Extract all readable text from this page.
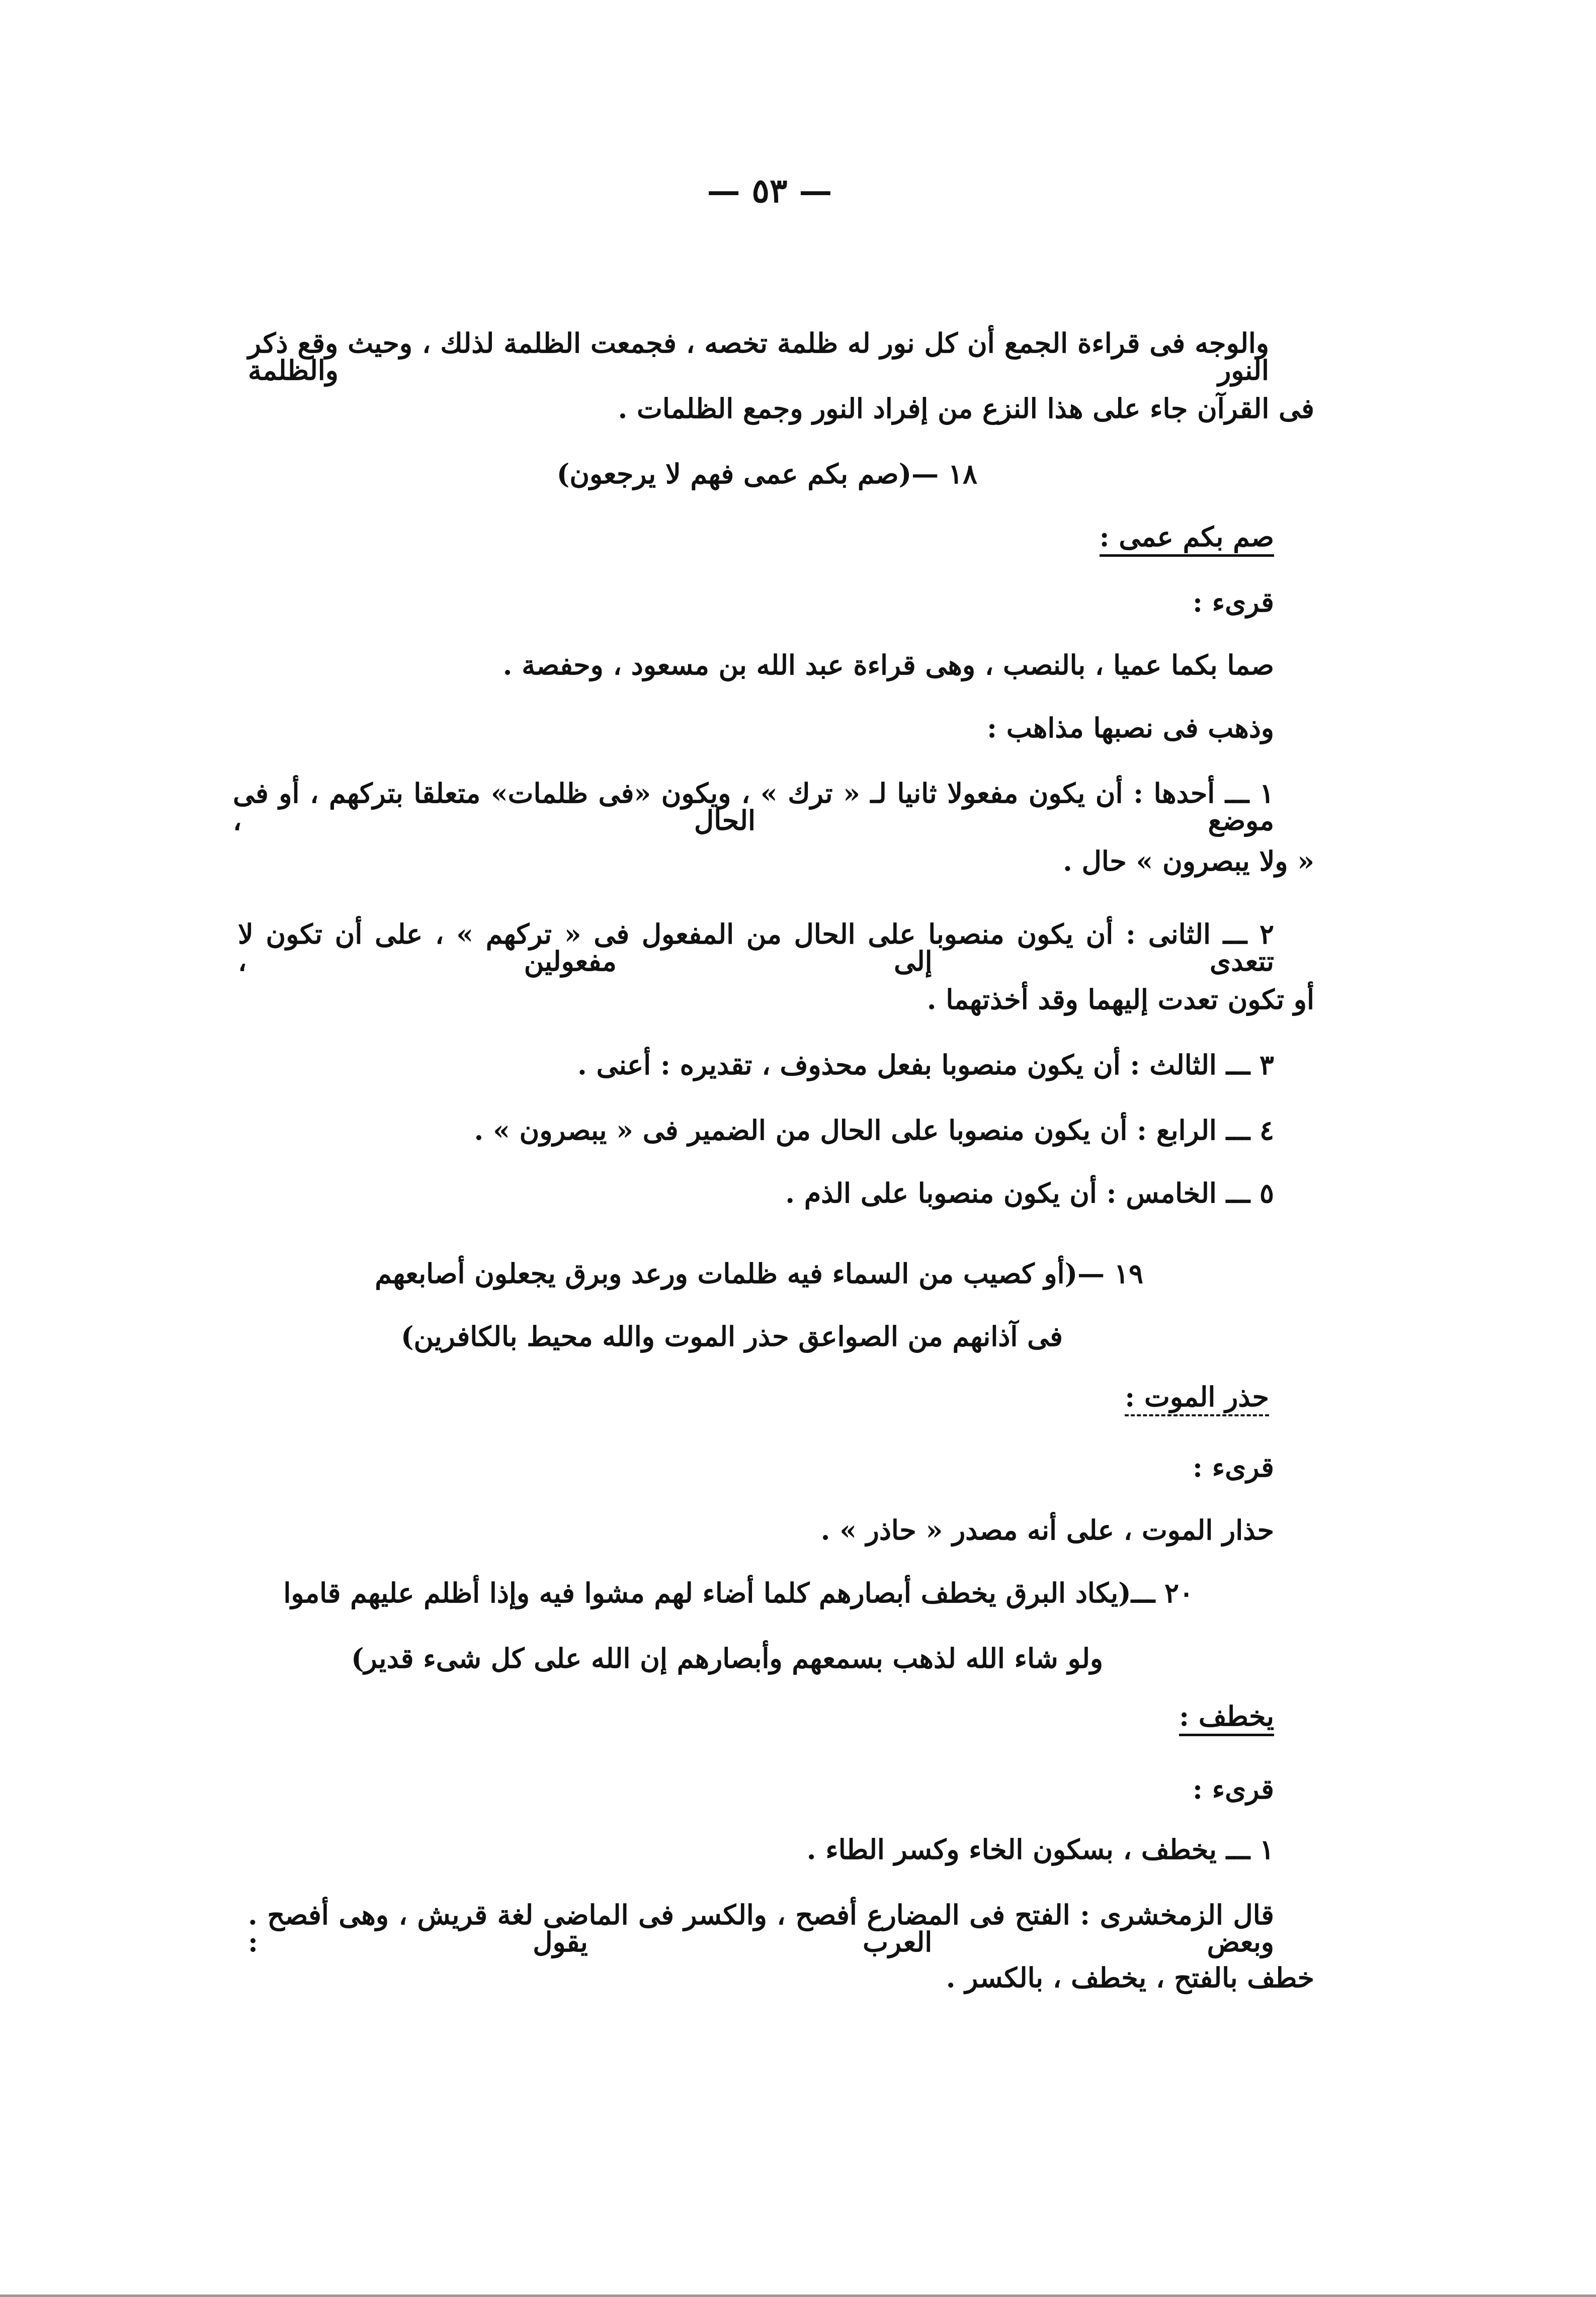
— ٥٣ —
والوجه فى قراءة الجمع أن كل نور له ظلمة تخصه ، فجمعت الظلمة لذلك ، وحيث وقع ذكر النور والظلمة
فى القرآن جاء على هذا النزع من إفراد النور وجمع الظلمات .
١٨ —(صم بكم عمى فهم لا يرجعون)
صم بكم عمى :
قرىء :
صما بكما عميا ، بالنصب ، وهى قراءة عبد الله بن مسعود ، وحفصة .
وذهب فى نصبها مذاهب :
١ ـــ أحدها : أن يكون مفعولا ثانيا لـ « ترك » ، ويكون «فى ظلمات» متعلقا بتركهم ، أو فى موضع الحال ،
« ولا يبصرون » حال .
٢ ـــ الثانى : أن يكون منصوبا على الحال من المفعول فى « تركهم » ، على أن تكون لا تتعدى إلى مفعولين ،
أو تكون تعدت إليهما وقد أخذتهما .
٣ ـــ الثالث : أن يكون منصوبا بفعل محذوف ، تقديره : أعنى .
٤ ـــ الرابع : أن يكون منصوبا على الحال من الضمير فى « يبصرون » .
٥ ـــ الخامس : أن يكون منصوبا على الذم .
١٩ —(أو كصيب من السماء فيه ظلمات ورعد وبرق يجعلون أصابعهم
فى آذانهم من الصواعق حذر الموت والله محيط بالكافرين)
حذر الموت :
قرىء :
حذار الموت ، على أنه مصدر « حاذر » .
٢٠ ـــ(يكاد البرق يخطف أبصارهم كلما أضاء لهم مشوا فيه وإذا أظلم عليهم قاموا
ولو شاء الله لذهب بسمعهم وأبصارهم إن الله على كل شىء قدير)
يخطف :
قرىء :
١ ـــ يخطف ، بسكون الخاء وكسر الطاء .
قال الزمخشرى : الفتح فى المضارع أفصح ، والكسر فى الماضى لغة قريش ، وهى أفصح . وبعض العرب يقول :
خطف بالفتح ، يخطف ، بالكسر .
